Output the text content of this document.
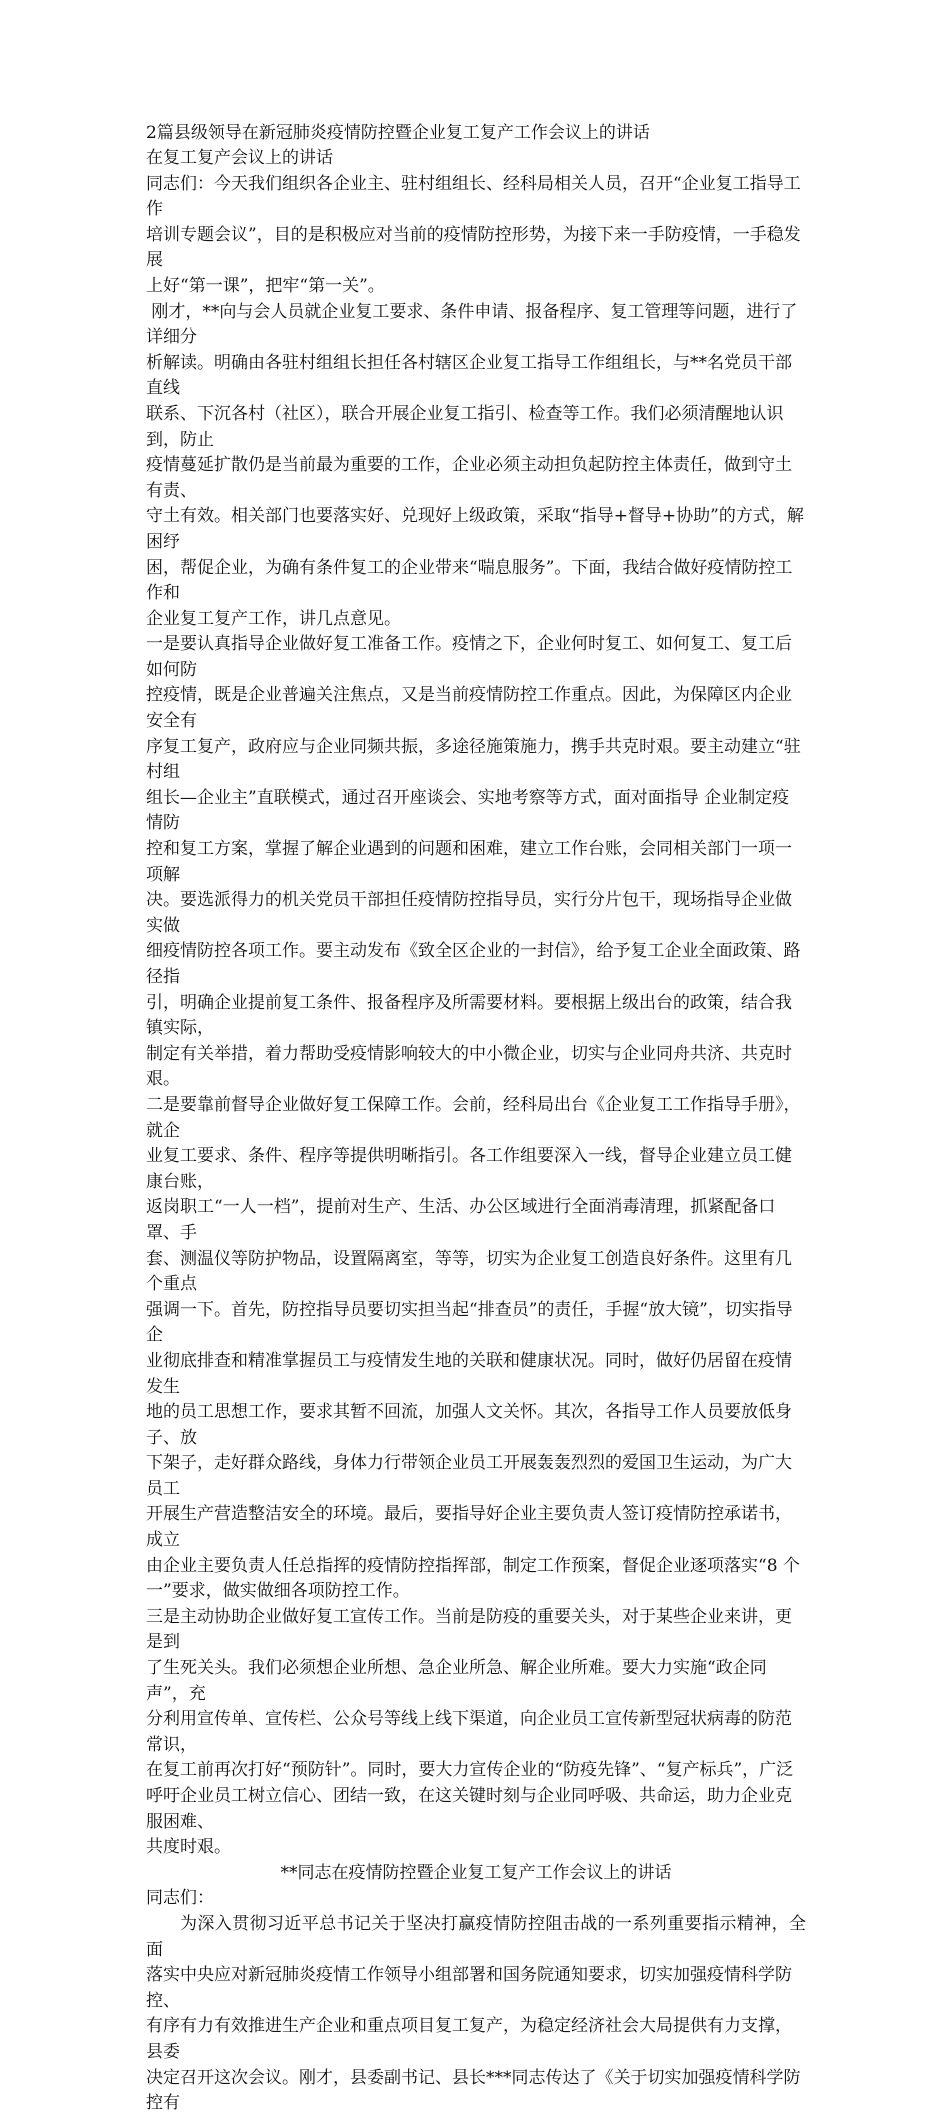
2篇县级领导在新冠肺炎疫情防控暨企业复工复产工作会议上的讲话

在复工复产会议上的讲话

同志们：今天我们组织各企业主、驻村组组长、经科局相关人员，召开“企业复工指导工作

培训专题会议”，目的是积极应对当前的疫情防控形势，为接下来一手防疫情，一手稳发展

上好“第一课”，把牢“第一关”。

刚才，**向与会人员就企业复工要求、条件申请、报备程序、复工管理等问题，进行了详细分

析解读。明确由各驻村组组长担任各村辖区企业复工指导工作组组长，与**名党员干部直线

联系、下沉各村（社区），联合开展企业复工指引、检查等工作。我们必须清醒地认识到，防止

疫情蔓延扩散仍是当前最为重要的工作，企业必须主动担负起防控主体责任，做到守土有责、

守土有效。相关部门也要落实好、兑现好上级政策，采取“指导+督导+协助”的方式，解困纾

困，帮促企业，为确有条件复工的企业带来“喘息服务”。下面，我结合做好疫情防控工作和

企业复工复产工作，讲几点意见。

一是要认真指导企业做好复工准备工作。疫情之下，企业何时复工、如何复工、复工后如何防

控疫情，既是企业普遍关注焦点，又是当前疫情防控工作重点。因此，为保障区内企业安全有

序复工复产，政府应与企业同频共振，多途径施策施力，携手共克时艰。要主动建立“驻村组

组长—企业主”直联模式，通过召开座谈会、实地考察等方式，面对面指导 企业制定疫情防

控和复工方案，掌握了解企业遇到的问题和困难，建立工作台账，会同相关部门一项一项解

决。要选派得力的机关党员干部担任疫情防控指导员，实行分片包干，现场指导企业做实做

细疫情防控各项工作。要主动发布《致全区企业的一封信》，给予复工企业全面政策、路径指

引，明确企业提前复工条件、报备程序及所需要材料。要根据上级出台的政策，结合我镇实际，

制定有关举措，着力帮助受疫情影响较大的中小微企业，切实与企业同舟共济、共克时艰。

二是要靠前督导企业做好复工保障工作。会前，经科局出台《企业复工工作指导手册》，就企

业复工要求、条件、程序等提供明晰指引。各工作组要深入一线，督导企业建立员工健康台账，

返岗职工“一人一档”，提前对生产、生活、办公区域进行全面消毒清理，抓紧配备口罩、手

套、测温仪等防护物品，设置隔离室，等等，切实为企业复工创造良好条件。这里有几个重点

强调一下。首先，防控指导员要切实担当起“排查员”的责任，手握“放大镜”，切实指导企

业彻底排查和精准掌握员工与疫情发生地的关联和健康状况。同时，做好仍居留在疫情发生

地的员工思想工作，要求其暂不回流，加强人文关怀。其次，各指导工作人员要放低身子、放

下架子，走好群众路线，身体力行带领企业员工开展轰轰烈烈的爱国卫生运动，为广大员工

开展生产营造整洁安全的环境。最后，要指导好企业主要负责人签订疫情防控承诺书，成立

由企业主要负责人任总指挥的疫情防控指挥部，制定工作预案，督促企业逐项落实“8 个

一”要求，做实做细各项防控工作。

三是主动协助企业做好复工宣传工作。当前是防疫的重要关头，对于某些企业来讲，更是到

了生死关头。我们必须想企业所想、急企业所急、解企业所难。要大力实施“政企同声”，充

分利用宣传单、宣传栏、公众号等线上线下渠道，向企业员工宣传新型冠状病毒的防范常识，

在复工前再次打好“预防针”。同时，要大力宣传企业的“防疫先锋”、“复产标兵”，广泛

呼吁企业员工树立信心、团结一致，在这关键时刻与企业同呼吸、共命运，助力企业克服困难、

共度时艰。

**同志在疫情防控暨企业复工复产工作会议上的讲话

同志们：

为深入贯彻习近平总书记关于坚决打赢疫情防控阻击战的一系列重要指示精神，全面

落实中央应对新冠肺炎疫情工作领导小组部署和国务院通知要求，切实加强疫情科学防控、

有序有力有效推进生产企业和重点项目复工复产，为稳定经济社会大局提供有力支撑，县委

决定召开这次会议。刚才，县委副书记、县长***同志传达了《关于切实加强疫情科学防控有
